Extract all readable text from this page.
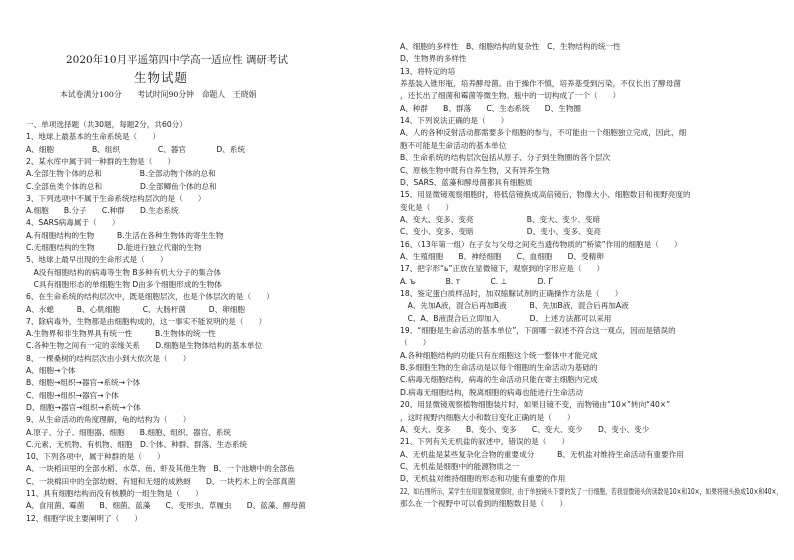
2020年10月平遥第四中学高一适应性 调研考试
生物试题
本试卷满分100分　　考试时间90分钟　命题人　王晓娟
一、单项选择题（共30题，每题2分，共60分）
1、地球上最基本的生命系统是（　　）
A、细胞　　　　　B、组织　　　　　C、器官　　　　D、系统
2、某水库中属于同一种群的生物是（　　）
A.全部生物个体的总和　　　　　B.全部动物个体的总和
C.全部鱼类个体的总和　　　　　D.全部鲫鱼个体的总和
3、下列选项中不属于生命系统结构层次的是（　　）
A.细胞　　B.分子　　C.种群　　D.生态系统
4、SARS病毒属于（　　）
A.有细胞结构的生物　　　B.生活在各种生物体的寄生生物
C.无细胞结构的生物　　　D.能进行独立代谢的生物
5、地球上最早出现的生命形式是（　　）
　A没有细胞结构的病毒等生物 B多种有机大分子的集合体
　C具有细胞形态的单细胞生物 D由多个细胞形成的生物体
6、在生命系统的结构层次中，既是细胞层次，也是个体层次的是（　　）
A、水螅　　　B、心肌细胞　　　C、大肠杆菌　　　D、卵细胞
7、除病毒外，生物都是由细胞构成的，这一事实不能说明的是（　　）
A.生物界和非生物界具有统一性　　　B.生物体的统一性
C.各种生物之间有一定的亲缘关系　　D.细胞是生物体结构的基本单位
8、一棵桑树的结构层次由小到大依次是（　　）
A、细胞→个体
B、细胞→组织→器官→系统→个体
C、细胞→组织→器官→个体
D、细胞→器官→组织→系统→个体
9、从生命活动的角度理解，龟的结构为（　　）
A.原子、分子、细胞器、细胞　　B.细胞、组织、器官、系统
C.元素、无机物、有机物、细胞　D.个体、种群、群落、生态系统
10、下列各项中，属于种群的是（　　）
A、一块稻田里的全部水稻、水草、鱼、虾及其他生物　B、一个池塘中的全部鱼
C、一块棉田中的全部幼蚜、有翅和无翅的成熟蚜　　D、一块朽木上的全部真菌
11、具有细胞结构而没有核膜的一组生物是（　　）
A、食用菌、霉菌　　B、细菌、蓝藻　　C、变形虫、草履虫　　D、蓝藻、酵母菌
12、细胞学说主要阐明了（　　）
A、细胞的多样性　B、细胞结构的复杂性　C、生物结构的统一性
D、生物界的多样性
13、将特定的培
养基装入锥形瓶，培养酵母菌。由于操作不慎，培养基受到污染，不仅长出了酵母菌
，还长出了细菌和霉菌等微生物。瓶中的一切构成了一个（　　）
A、种群　　B、群落　　C、生态系统　　D、生物圈
14、下列说法正确的是（　　）
A、人的各种反射活动都需要多个细胞的参与，不可能由一个细胞独立完成，因此，细
胞不可能是生命活动的基本单位
B、生命系统的结构层次包括从原子、分子到生物圈的各个层次
C、原核生物中既有自养生物，又有异养生物
D、SARS、蓝藻和酵母菌都具有细胞质
15、用显微镜观察细胞时，将低倍镜换成高倍镜后，物像大小、细胞数目和视野亮度的
变化是（　　）
A、变大、变多、变亮　　　　　　　B、变大、变少、变暗
C、变小、变多、变暗　　　　　　　D、变小、变多、变亮
16、（13年第一组）在子女与父母之间充当遗传物质的“桥梁”作用的细胞是（　　）
A、生殖细胞　　B、神经细胞　　C、血细胞　　D、受精卵
17、把字形“ь”正放在显微镜下，观察到的字形应是（　　）
A. ъ　　　　B. т　　　　C. ⊥　　　　D. Ґ
18、鉴定蛋白质样品时，加双缩脲试剂的正确操作方法是（　　）
　A、先加A液，混合后再加B液　　　B、先加B液，混合后再加A液
　C、A、B液混合后立即加入　　　　D、上述方法都可以采用
19、“细胞是生命活动的基本单位”，下面哪一叙述不符合这一观点，因而是错误的
（　　）
A.各种细胞结构的功能只有在细胞这个统一整体中才能完成
B.多细胞生物的生命活动是以每个细胞的生命活动为基础的
C.病毒无细胞结构，病毒的生命活动只能在寄主细胞内完成
D.病毒无细胞结构，脱离细胞的病毒也能进行生命活动
20、用显微镜观察植物细胞装片时，如果目镜不变，而物镜由“10×”转向“40×”
，这时视野内细胞大小和数目变化正确的是（　　）
A、变大、变多　　B、变小、变多　　C、变大、变少　　D、变小、变少
21、下列有关无机盐的叙述中，错误的是（　　）
A、无机盐是某些复杂化合物的重要成分　　　B、无机盐对维持生命活动有重要作用
C、无机盐是细胞中的能源物质之一
D、无机盐对维持细胞的形态和功能有重要的作用
22、如右图所示，某学生在用显微镜观察时，由于单独镜头下要的发了一行细胞，若我显微镜头的读数是10×和10×，如果将镜头换成10×和40×，
那么在一个视野中可以看到的细胞数目是（　　）
